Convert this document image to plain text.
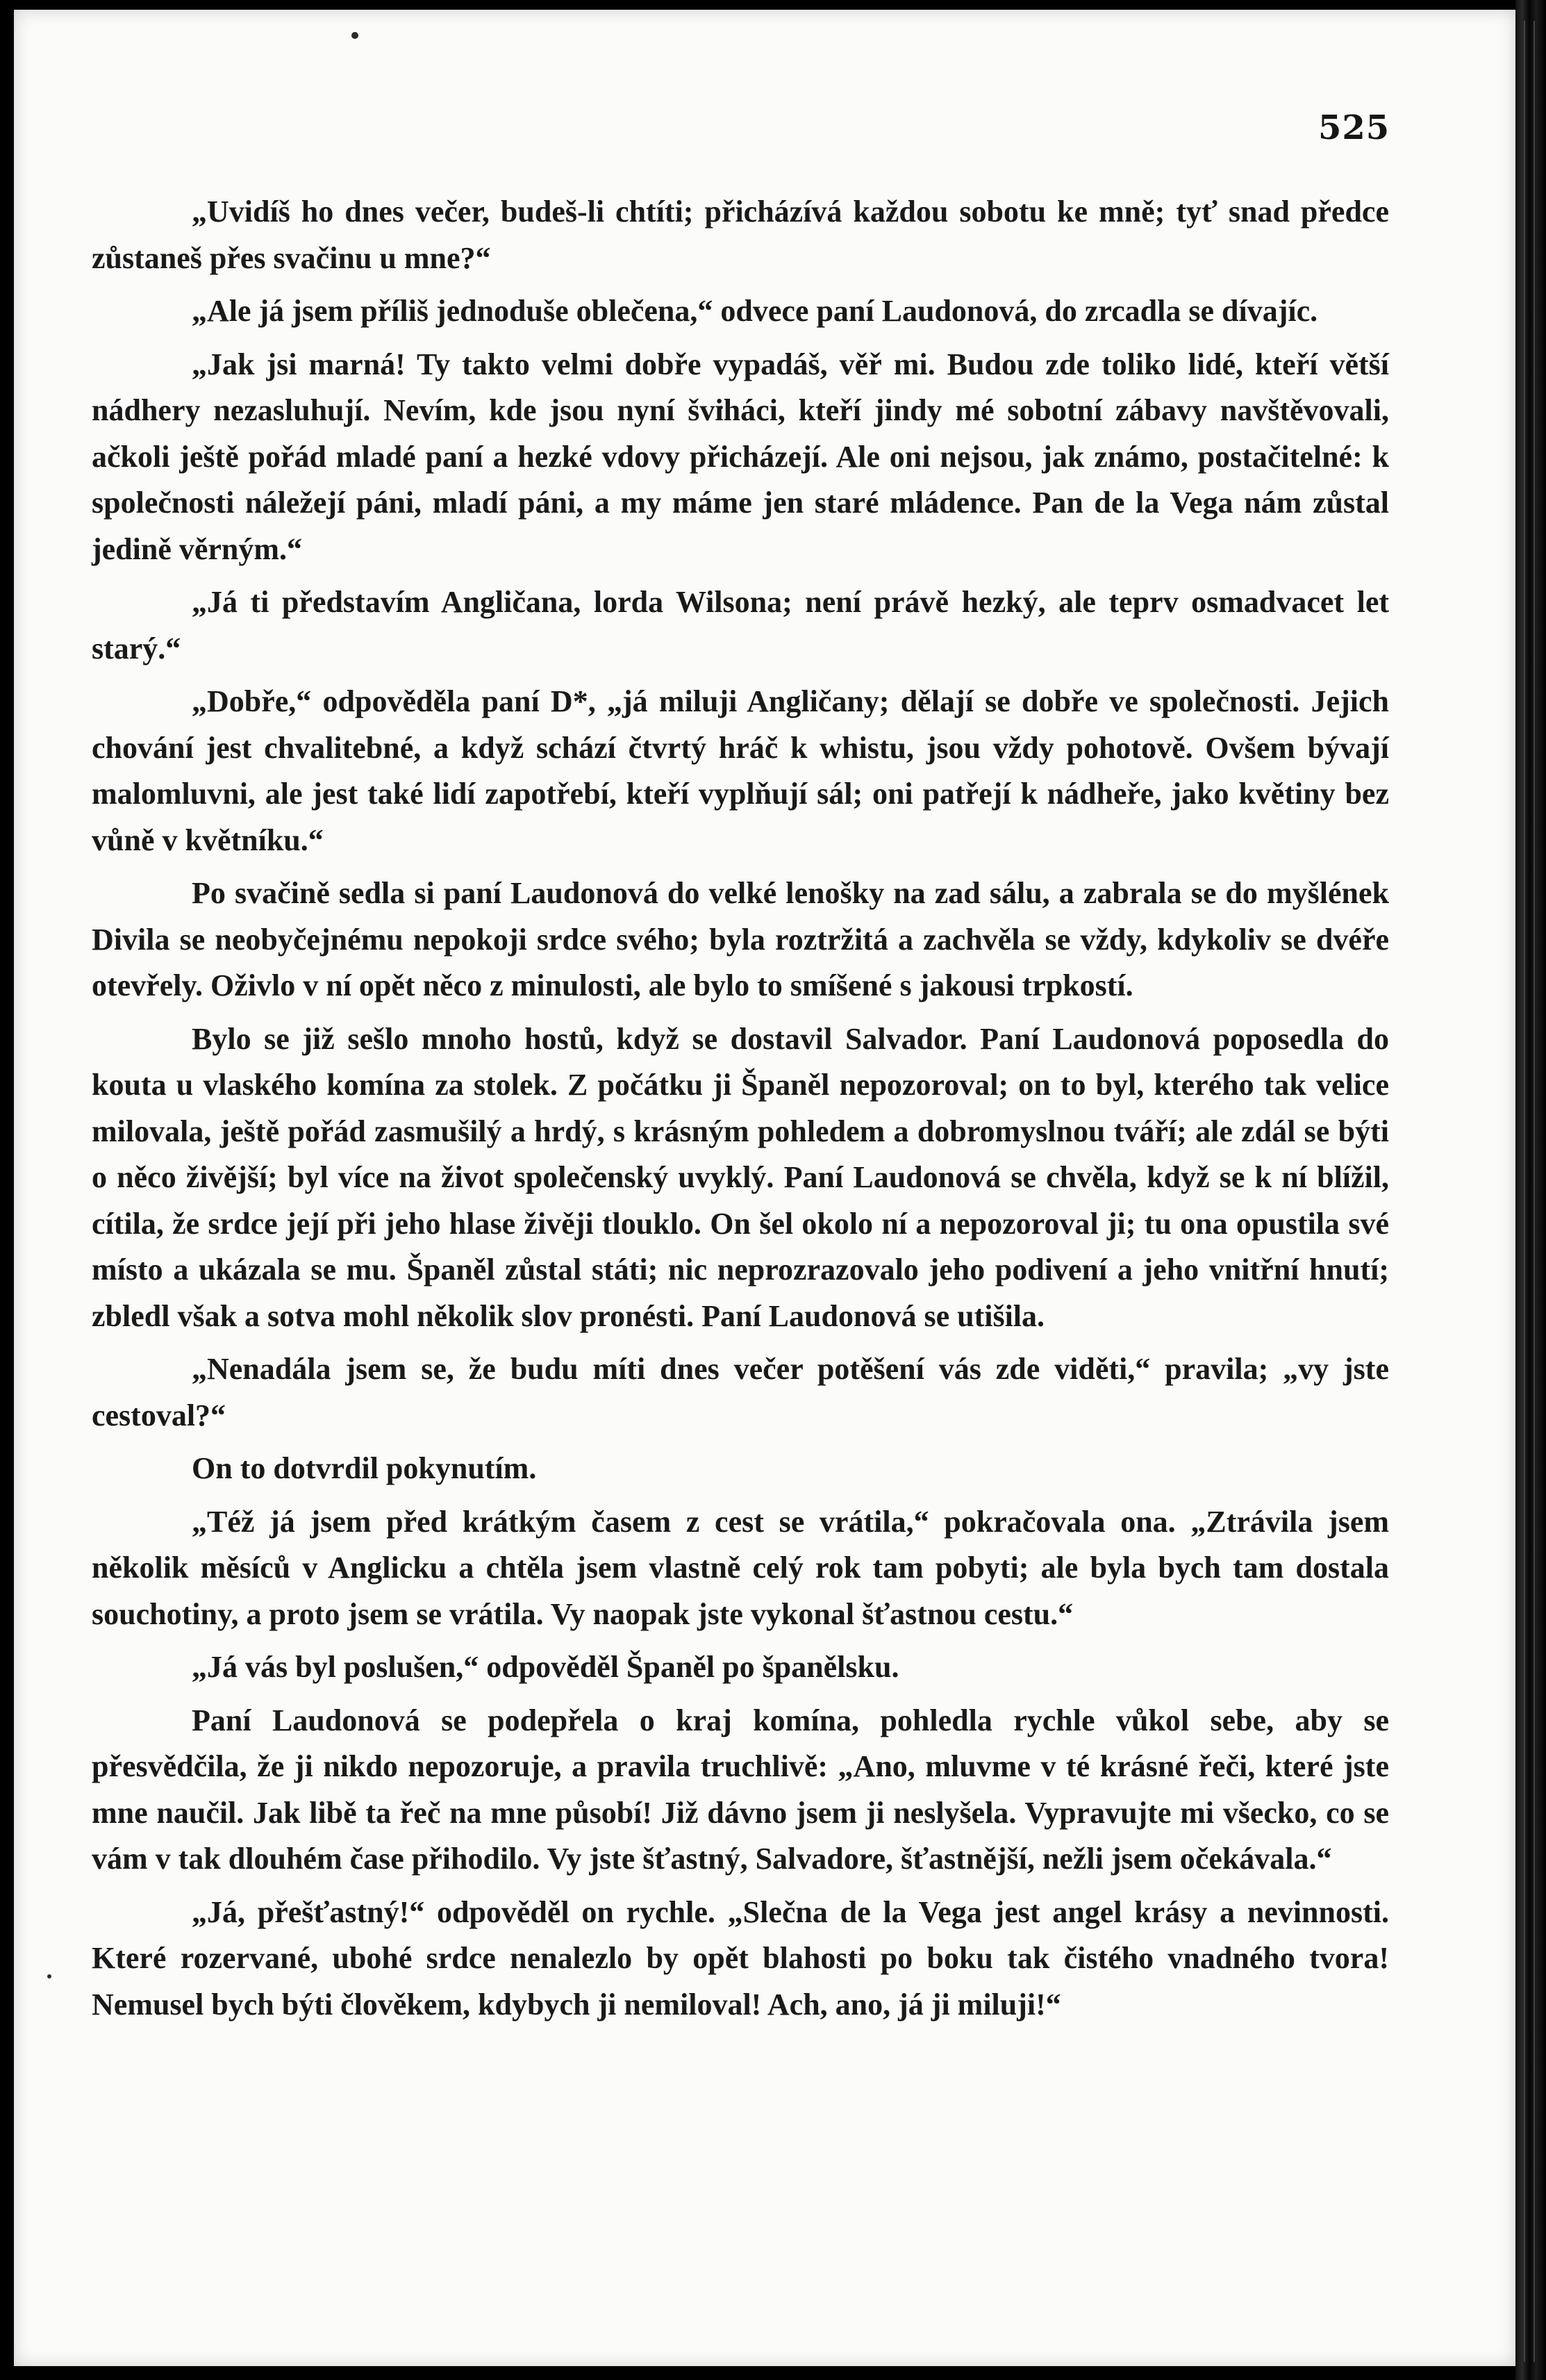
525

„Uvidíš ho dnes večer, budeš-li chtíti; přicházívá každou sobotu ke mně; tyť snad předce zůstaneš přes svačinu u mne?“

„Ale já jsem příliš jednoduše oblečena,“ odvece paní Laudonová, do zrcadla se dívajíc.

„Jak jsi marná! Ty takto velmi dobře vypadáš, věř mi. Budou zde toliko lidé, kteří větší nádhery nezasluhují. Nevím, kde jsou nyní šviháci, kteří jindy mé sobotní zábavy navštěvovali, ačkoli ještě pořád mladé paní a hezké vdovy přicházejí. Ale oni nejsou, jak známo, postačitelné: k společnosti náležejí páni, mladí páni, a my máme jen staré mládence. Pan de la Vega nám zůstal jedině věrným.“

„Já ti představím Angličana, lorda Wilsona; není právě hezký, ale teprv osmadvacet let starý.“

„Dobře,“ odpověděla paní D*, „já miluji Angličany; dělají se dobře ve společnosti. Jejich chování jest chvalitebné, a když schází čtvrtý hráč k whistu, jsou vždy pohotově. Ovšem bývají malomluvni, ale jest také lidí zapotřebí, kteří vyplňují sál; oni patřejí k nádheře, jako květiny bez vůně v květníku.“

Po svačině sedla si paní Laudonová do velké lenošky na zad sálu, a zabrala se do myšlének Divila se neobyčejnému nepokoji srdce svého; byla roztržitá a zachvěla se vždy, kdykoliv se dvéře otevřely. Oživlo v ní opět něco z minulosti, ale bylo to smíšené s jakousi trpkostí.

Bylo se již sešlo mnoho hostů, když se dostavil Salvador. Paní Laudonová poposedla do kouta u vlaského komína za stolek. Z počátku ji Španěl nepozoroval; on to byl, kterého tak velice milovala, ještě pořád zasmušilý a hrdý, s krásným pohledem a dobromyslnou tváří; ale zdál se býti o něco živější; byl více na život společenský uvyklý. Paní Laudonová se chvěla, když se k ní blížil, cítila, že srdce její při jeho hlase živějі tlouklo. On šel okolo ní a nepozoroval ji; tu ona opustila své místo a ukázala se mu. Španěl zůstal státi; nic neprozrazovalo jeho podivení a jeho vnitřní hnutí; zbledl však a sotva mohl několik slov pronésti. Paní Laudonová se utišila.

„Nenadála jsem se, že budu míti dnes večer potěšení vás zde viděti,“ pravila; „vy jste cestoval?“

On to dotvrdil pokynutím.

„Též já jsem před krátkým časem z cest se vrátila,“ pokračovala ona. „Ztrávila jsem několik měsíců v Anglicku a chtěla jsem vlastně celý rok tam pobyti; ale byla bych tam dostala souchotiny, a proto jsem se vrátila. Vy naopak jste vykonal šťastnou cestu.“

„Já vás byl poslušen,“ odpověděl Španěl po španělsku.

Paní Laudonová se podepřela o kraj komína, pohledla rychle vůkol sebe, aby se přesvědčila, že ji nikdo nepozoruje, a pravila truchlivě: „Ano, mluvme v té krásné řeči, které jste mne naučil. Jak libě ta řeč na mne působí! Již dávno jsem ji neslyšela. Vypravujte mi všecko, co se vám v tak dlouhém čase přihodilo. Vy jste šťastný, Salvadore, šťastnější, nežli jsem očekávala.“

„Já, přešťastný!“ odpověděl on rychle. „Slečna de la Vega jest angel krásy a nevinnosti. Které rozervané, ubohé srdce nenalezlo by opět blahosti po boku tak čistého vnadného tvora! Nemusel bych býti člověkem, kdybych ji nemiloval! Ach, ano, já ji miluji!“
